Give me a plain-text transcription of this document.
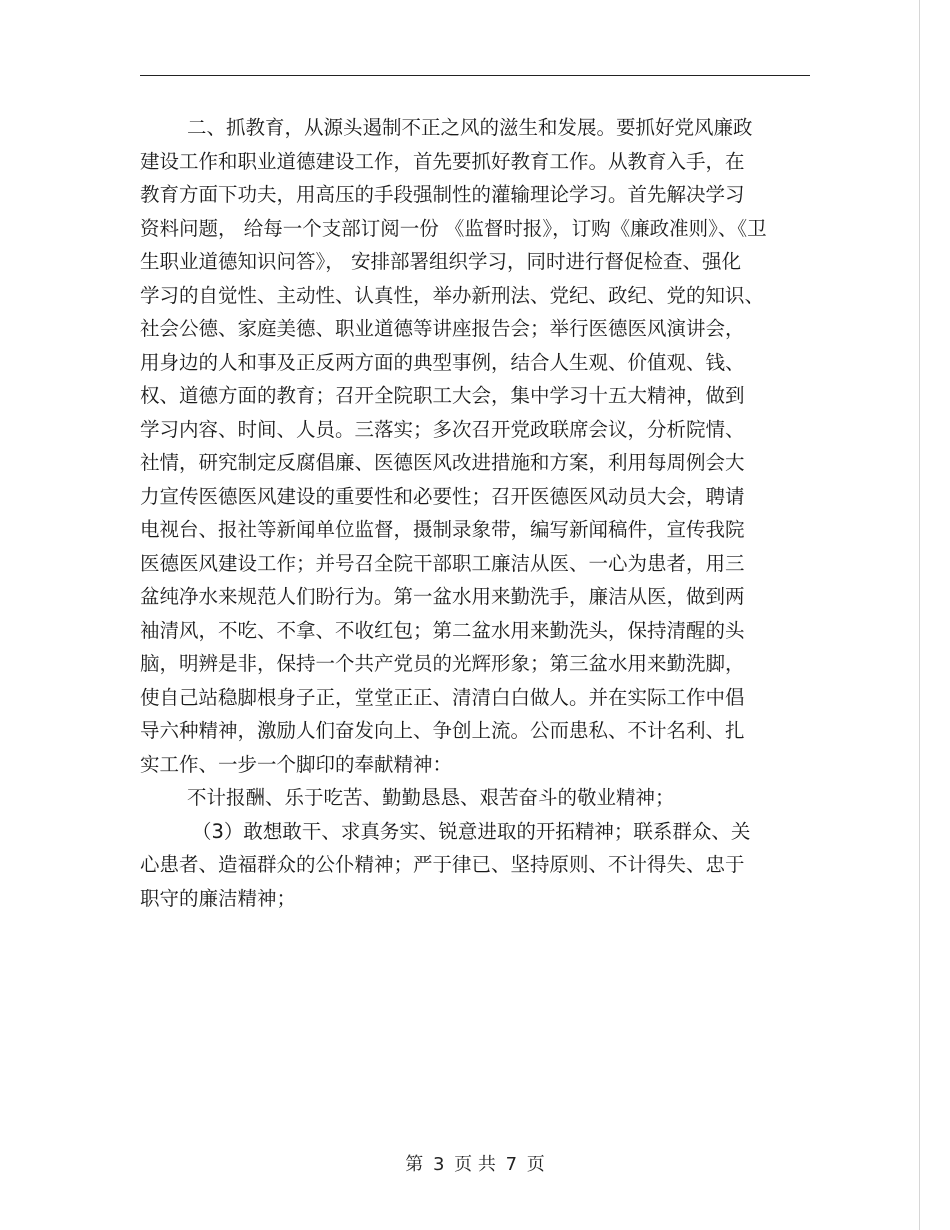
二、抓教育，从源头遏制不正之风的滋生和发展。要抓好党风廉政
建设工作和职业道德建设工作，首先要抓好教育工作。从教育入手，在
教育方面下功夫，用高压的手段强制性的灌输理论学习。首先解决学习
资料问题， 给每一个支部订阅一份 《监督时报》，订购《廉政准则》、《卫
生职业道德知识问答》， 安排部署组织学习，同时进行督促检查、强化
学习的自觉性、主动性、认真性，举办新刑法、党纪、政纪、党的知识、
社会公德、家庭美德、职业道德等讲座报告会；举行医德医风演讲会，
用身边的人和事及正反两方面的典型事例，结合人生观、价值观、钱、
权、道德方面的教育；召开全院职工大会，集中学习十五大精神，做到
学习内容、时间、人员。三落实；多次召开党政联席会议，分析院情、
社情，研究制定反腐倡廉、医德医风改进措施和方案，利用每周例会大
力宣传医德医风建设的重要性和必要性；召开医德医风动员大会，聘请
电视台、报社等新闻单位监督，摄制录象带，编写新闻稿件，宣传我院
医德医风建设工作；并号召全院干部职工廉洁从医、一心为患者，用三
盆纯净水来规范人们盼行为。第一盆水用来勤洗手，廉洁从医，做到两
袖清风，不吃、不拿、不收红包；第二盆水用来勤洗头，保持清醒的头
脑，明辨是非，保持一个共产党员的光辉形象；第三盆水用来勤洗脚，
使自己站稳脚根身子正，堂堂正正、清清白白做人。并在实际工作中倡
导六种精神，激励人们奋发向上、争创上流。公而患私、不计名利、扎
实工作、一步一个脚印的奉献精神：
不计报酬、乐于吃苦、勤勤恳恳、艰苦奋斗的敬业精神；
（3）敢想敢干、求真务实、锐意进取的开拓精神；联系群众、关
心患者、造福群众的公仆精神；严于律已、坚持原则、不计得失、忠于
职守的廉洁精神；
第 3 页 共 7 页
